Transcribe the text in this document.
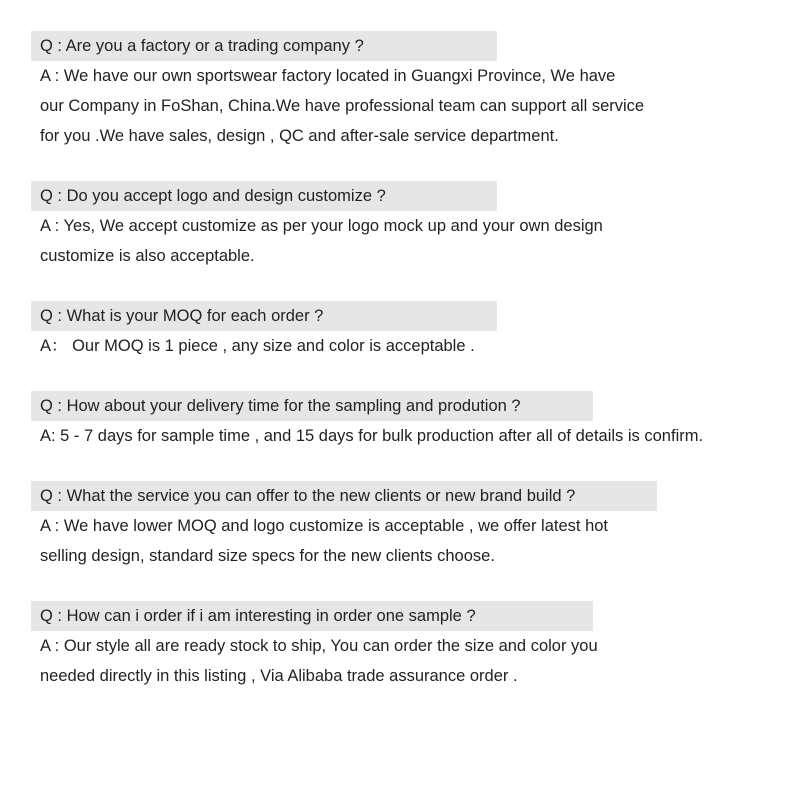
Q : Are you a factory or a trading company ?
A : We have our own sportswear factory located in Guangxi Province, We have
our Company in FoShan, China.We have professional team can support all service
for you .We have sales, design , QC and after-sale service department.
Q : Do you accept logo and design customize ?
A : Yes, We accept customize as per your logo mock up and your own design
customize is also acceptable.
Q : What is your MOQ for each order ?
A： Our MOQ is 1 piece , any size and color is acceptable .
Q : How about your delivery time for the sampling and prodution ?
A: 5 - 7 days for sample time , and 15 days for bulk production after all of details is confirm.
Q : What the service you can offer to the new clients or new brand build ?
A : We have lower MOQ and logo customize is acceptable , we offer latest hot
selling design, standard size specs for the new clients choose.
Q : How can i order if i am interesting in order one sample ?
A : Our style all are ready stock to ship, You can order the size and color you
needed directly in this listing , Via Alibaba trade assurance order .
